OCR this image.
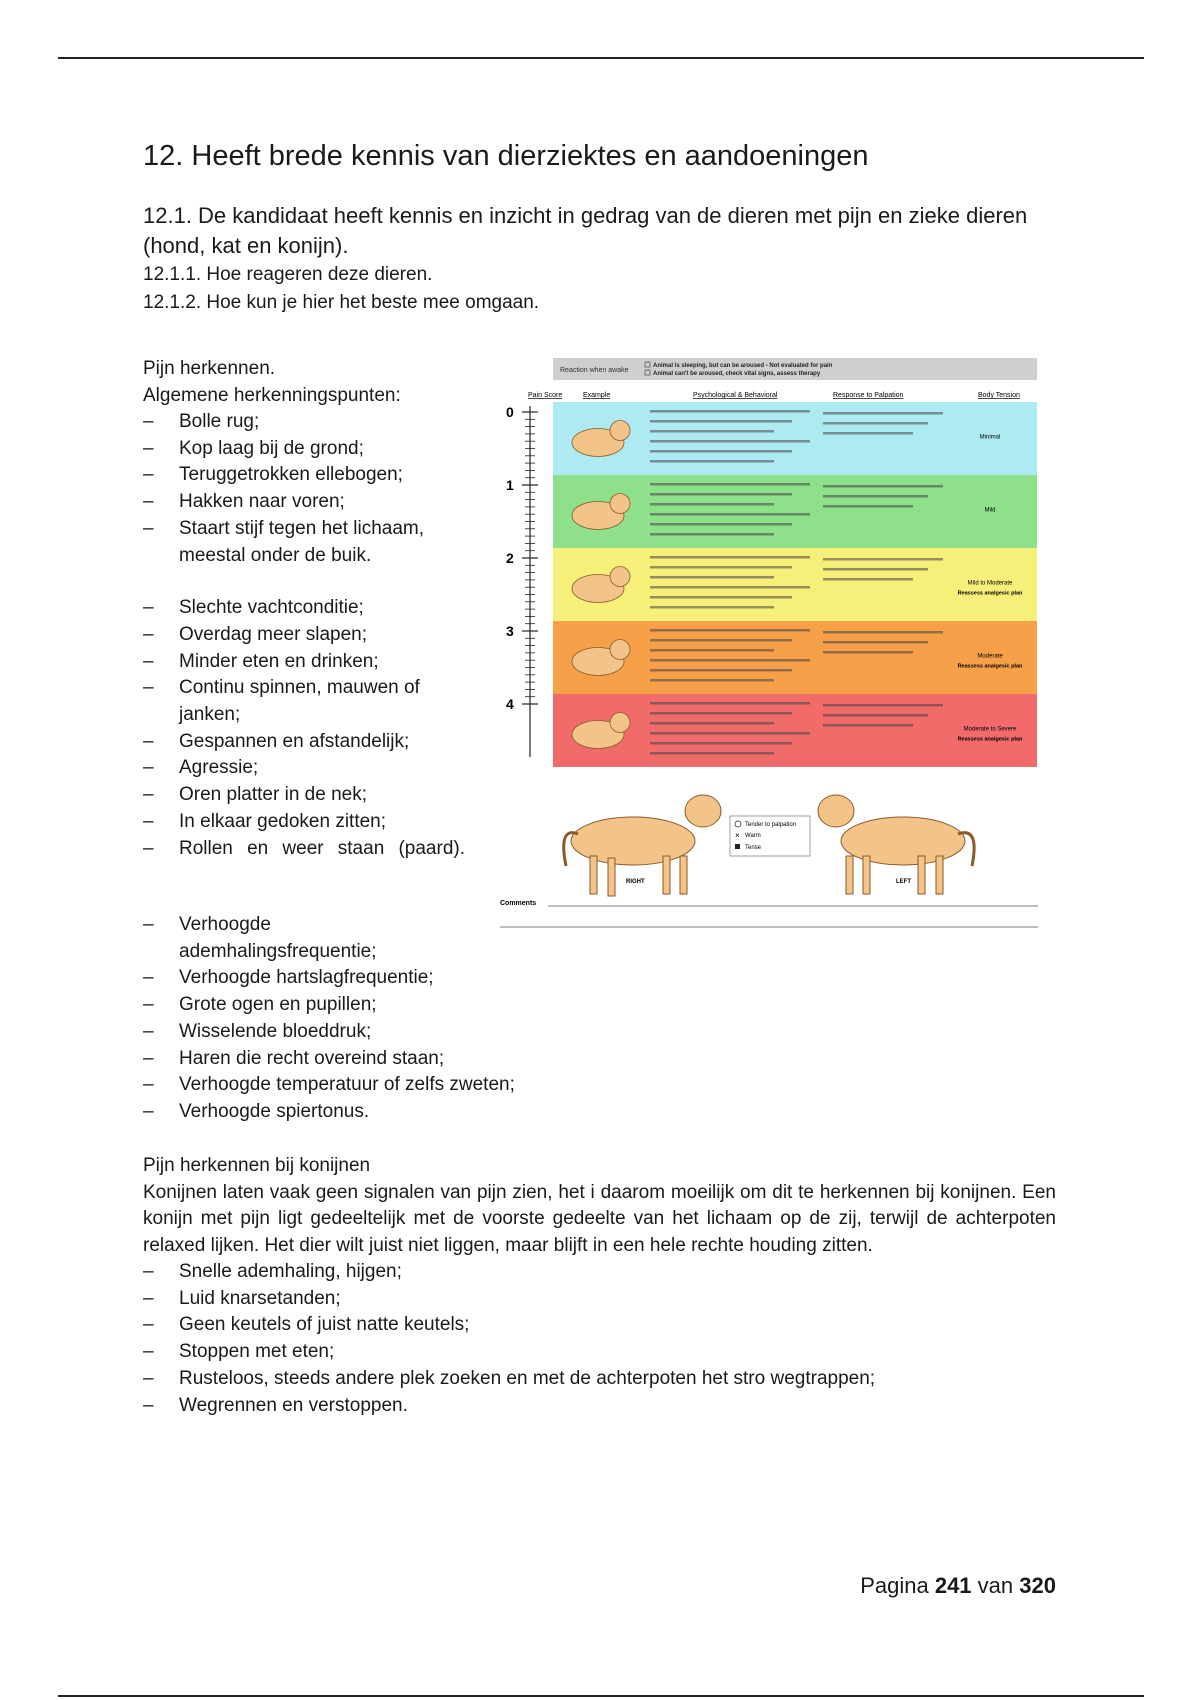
12. Heeft brede kennis van dierziektes en aandoeningen
12.1. De kandidaat heeft kennis en inzicht in gedrag van de dieren met pijn en zieke dieren (hond, kat en konijn).
12.1.1. Hoe reageren deze dieren.
12.1.2. Hoe kun je hier het beste mee omgaan.
Pijn herkennen.
Algemene herkenningspunten:
– Bolle rug;
– Kop laag bij de grond;
– Teruggetrokken ellebogen;
– Hakken naar voren;
– Staart stijf tegen het lichaam, meestal onder de buik.
– Slechte vachtconditie;
– Overdag meer slapen;
– Minder eten en drinken;
– Continu spinnen, mauwen of janken;
– Gespannen en afstandelijk;
– Agressie;
– Oren platter in de nek;
– In elkaar gedoken zitten;
– Rollen en weer staan (paard).
Reaction when awake
Animal is sleeping, but can be aroused - Not evaluated for pain
Animal can't be aroused, check vital signs, assess therapy
Pain Score	Example	Psychological & Behavioral	Response to Palpation	Body Tension
Minimal
Mild
Mild to Moderate
Reassess analgesic plan
Moderate
Reassess analgesic plan
Moderate to Severe
Reassess analgesic plan
0
1
2
3
4
RIGHT	LEFT
Tender to palpation
× Warm
Tense
Comments
– Verhoogde ademhalingsfrequentie;
– Verhoogde hartslagfrequentie;
– Grote ogen en pupillen;
– Wisselende bloeddruk;
– Haren die recht overeind staan;
– Verhoogde temperatuur of zelfs zweten;
– Verhoogde spiertonus.
Pijn herkennen bij konijnen
Konijnen laten vaak geen signalen van pijn zien, het i daarom moeilijk om dit te herkennen bij konijnen. Een konijn met pijn ligt gedeeltelijk met de voorste gedeelte van het lichaam op de zij, terwijl de achterpoten relaxed lijken. Het dier wilt juist niet liggen, maar blijft in een hele rechte houding zitten.
– Snelle ademhaling, hijgen;
– Luid knarsetanden;
– Geen keutels of juist natte keutels;
– Stoppen met eten;
– Rusteloos, steeds andere plek zoeken en met de achterpoten het stro wegtrappen;
– Wegrennen en verstoppen.
Pagina 241 van 320
